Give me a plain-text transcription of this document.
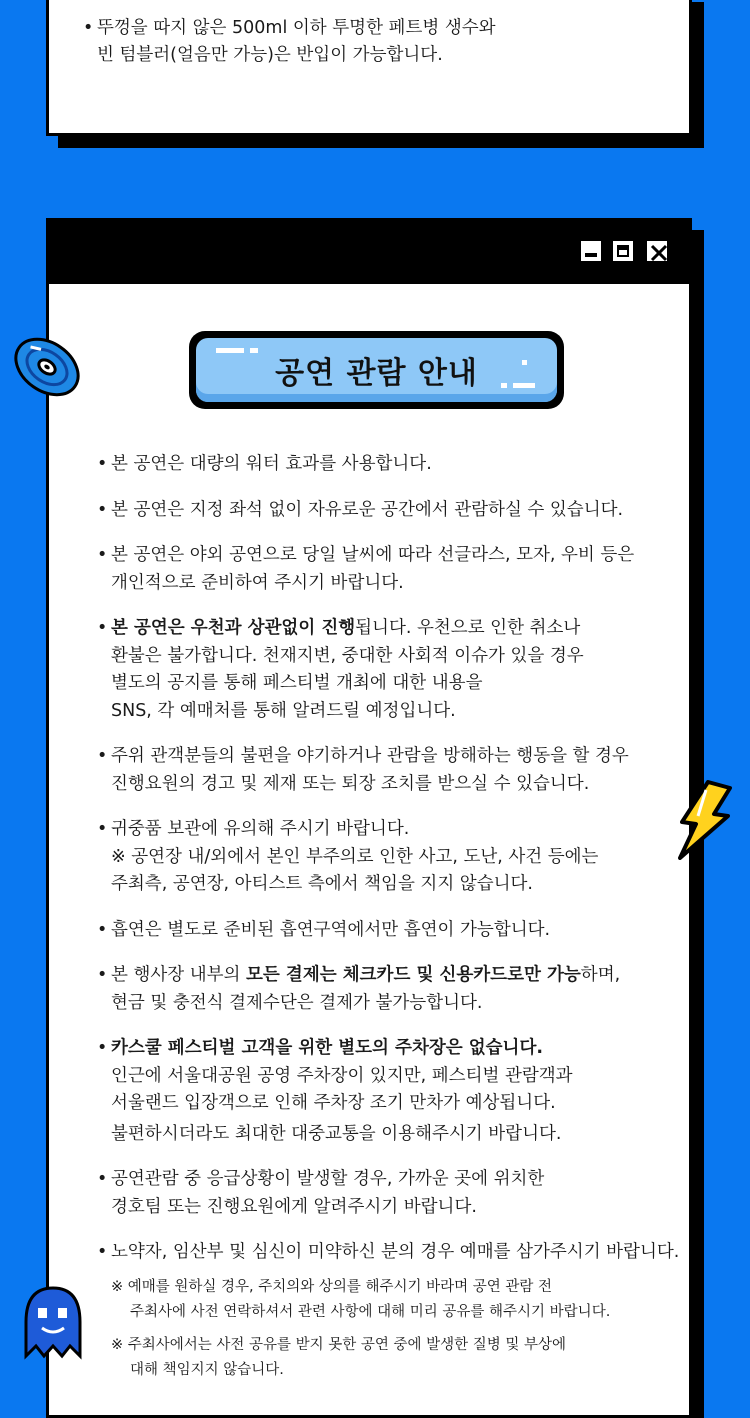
• 뚜껑을 따지 않은 500ml 이하 투명한 페트병 생수와
빈 텀블러(얼음만 가능)은 반입이 가능합니다.
공연 관람 안내
• 본 공연은 대량의 워터 효과를 사용합니다.
• 본 공연은 지정 좌석 없이 자유로운 공간에서 관람하실 수 있습니다.
• 본 공연은 야외 공연으로 당일 날씨에 따라 선글라스, 모자, 우비 등은
개인적으로 준비하여 주시기 바랍니다.
• 본 공연은 우천과 상관없이 진행됩니다. 우천으로 인한 취소나
환불은 불가합니다. 천재지변, 중대한 사회적 이슈가 있을 경우
별도의 공지를 통해 페스티벌 개최에 대한 내용을
SNS, 각 예매처를 통해 알려드릴 예정입니다.
• 주위 관객분들의 불편을 야기하거나 관람을 방해하는 행동을 할 경우
진행요원의 경고 및 제재 또는 퇴장 조치를 받으실 수 있습니다.
• 귀중품 보관에 유의해 주시기 바랍니다.
※ 공연장 내/외에서 본인 부주의로 인한 사고, 도난, 사건 등에는
주최측, 공연장, 아티스트 측에서 책임을 지지 않습니다.
• 흡연은 별도로 준비된 흡연구역에서만 흡연이 가능합니다.
• 본 행사장 내부의 모든 결제는 체크카드 및 신용카드로만 가능하며,
현금 및 충전식 결제수단은 결제가 불가능합니다.
• 카스쿨 페스티벌 고객을 위한 별도의 주차장은 없습니다.
인근에 서울대공원 공영 주차장이 있지만, 페스티벌 관람객과
서울랜드 입장객으로 인해 주차장 조기 만차가 예상됩니다.
불편하시더라도 최대한 대중교통을 이용해주시기 바랍니다.
• 공연관람 중 응급상황이 발생할 경우, 가까운 곳에 위치한
경호팀 또는 진행요원에게 알려주시기 바랍니다.
• 노약자, 임산부 및 심신이 미약하신 분의 경우 예매를 삼가주시기 바랍니다.
※ 예매를 원하실 경우, 주치의와 상의를 해주시기 바라며 공연 관람 전
주최사에 사전 연락하셔서 관련 사항에 대해 미리 공유를 해주시기 바랍니다.
※ 주최사에서는 사전 공유를 받지 못한 공연 중에 발생한 질병 및 부상에
대해 책임지지 않습니다.
